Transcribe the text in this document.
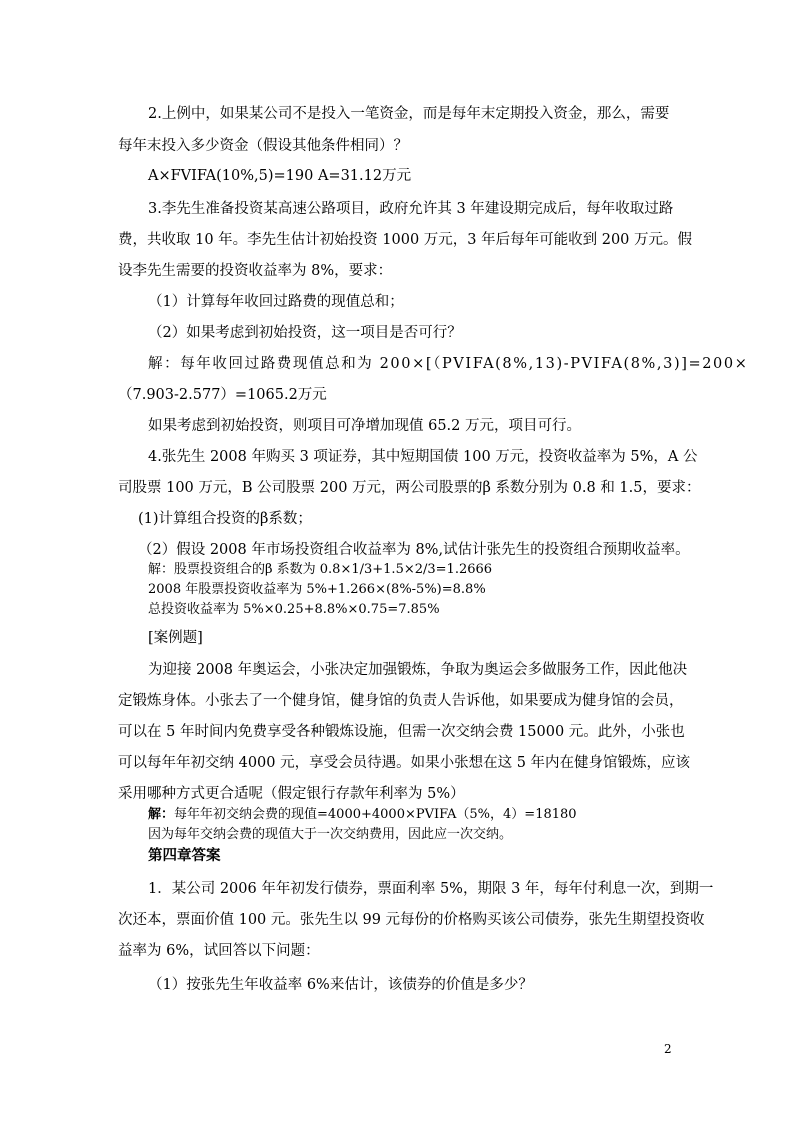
2.上例中，如果某公司不是投入一笔资金，而是每年末定期投入资金，那么，需要
每年末投入多少资金（假设其他条件相同）？
A×FVIFA(10%,5)=190 A=31.12万元
3.李先生准备投资某高速公路项目，政府允许其 3 年建设期完成后，每年收取过路
费，共收取 10 年。李先生估计初始投资 1000 万元，3 年后每年可能收到 200 万元。假
设李先生需要的投资收益率为 8%，要求：
（1）计算每年收回过路费的现值总和；
（2）如果考虑到初始投资，这一项目是否可行？
解：每年收回过路费现值总和为 200×[（PVIFA(8%,13)-PVIFA(8%,3)]=200×
（7.903-2.577）=1065.2万元
如果考虑到初始投资，则项目可净增加现值 65.2 万元，项目可行。
4.张先生 2008 年购买 3 项证券，其中短期国债 100 万元，投资收益率为 5%，A 公
司股票 100 万元，B 公司股票 200 万元，两公司股票的β 系数分别为 0.8 和 1.5，要求：
(1)计算组合投资的β系数；
（2）假设 2008 年市场投资组合收益率为 8%,试估计张先生的投资组合预期收益率。
解：股票投资组合的β 系数为 0.8×1/3+1.5×2/3=1.2666
2008 年股票投资收益率为 5%+1.266×(8%-5%)=8.8%
总投资收益率为 5%×0.25+8.8%×0.75=7.85%
[案例题]
为迎接 2008 年奥运会，小张决定加强锻炼，争取为奥运会多做服务工作，因此他决
定锻炼身体。小张去了一个健身馆，健身馆的负责人告诉他，如果要成为健身馆的会员，
可以在 5 年时间内免费享受各种锻炼设施，但需一次交纳会费 15000 元。此外，小张也
可以每年年初交纳 4000 元，享受会员待遇。如果小张想在这 5 年内在健身馆锻炼，应该
采用哪种方式更合适呢（假定银行存款年利率为 5%）
解：每年年初交纳会费的现值=4000+4000×PVIFA（5%，4）=18180
因为每年交纳会费的现值大于一次交纳费用，因此应一次交纳。
第四章答案
1．某公司 2006 年年初发行债券，票面利率 5%，期限 3 年，每年付利息一次，到期一
次还本，票面价值 100 元。张先生以 99 元每份的价格购买该公司债券，张先生期望投资收
益率为 6%，试回答以下问题：
（1）按张先生年收益率 6%来估计，该债券的价值是多少？
2
